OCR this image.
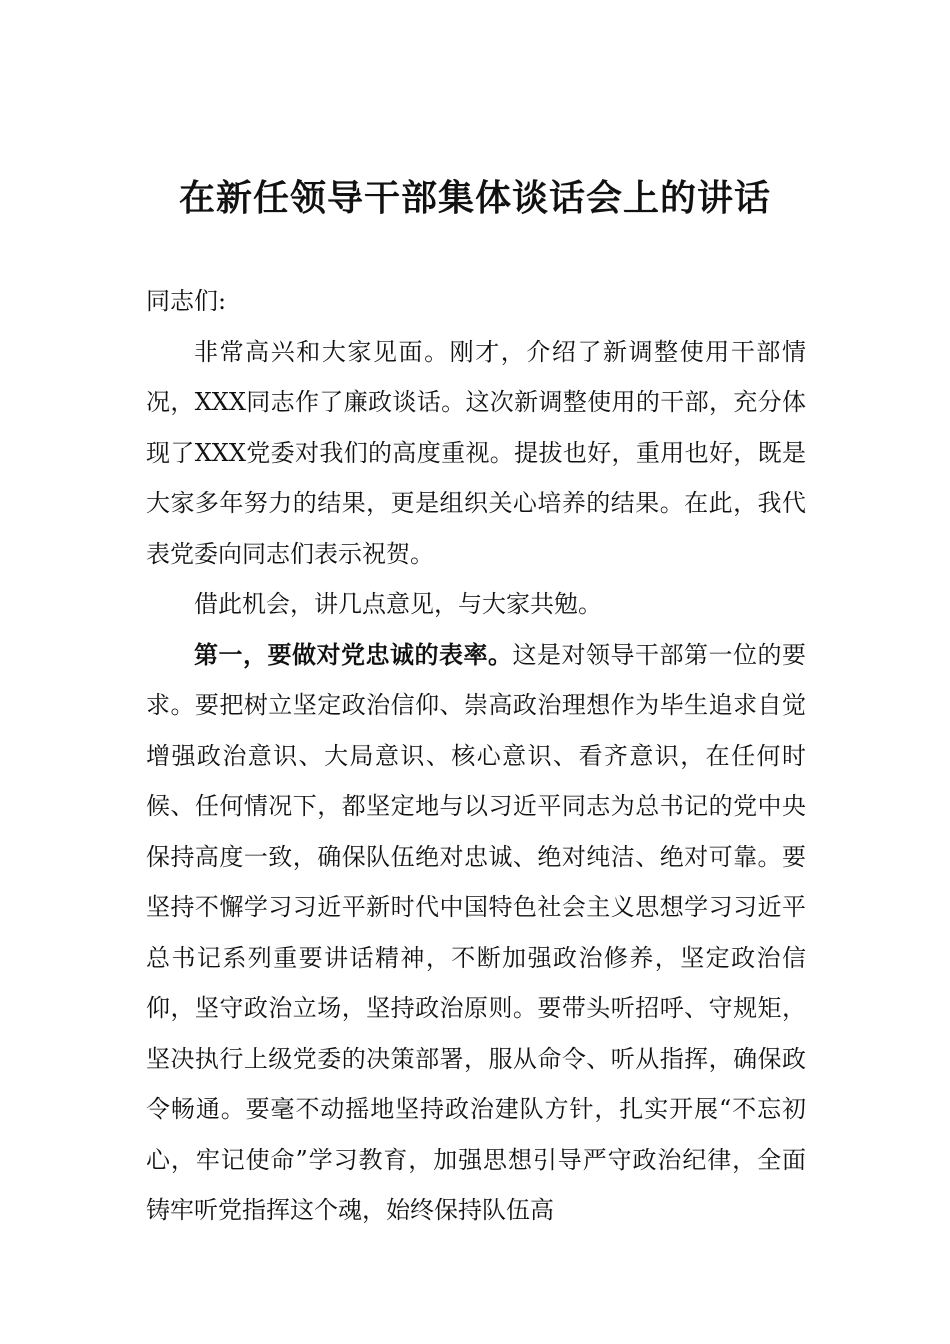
在新任领导干部集体谈话会上的讲话

同志们:

非常高兴和大家见面。刚才，介绍了新调整使用干部情况，XXX同志作了廉政谈话。这次新调整使用的干部，充分体现了XXX党委对我们的高度重视。提拔也好，重用也好，既是大家多年努力的结果，更是组织关心培养的结果。在此，我代表党委向同志们表示祝贺。

借此机会，讲几点意见，与大家共勉。

第一，要做对党忠诚的表率。这是对领导干部第一位的要求。要把树立坚定政治信仰、崇高政治理想作为毕生追求自觉增强政治意识、大局意识、核心意识、看齐意识，在任何时候、任何情况下，都坚定地与以习近平同志为总书记的党中央保持高度一致，确保队伍绝对忠诚、绝对纯洁、绝对可靠。要坚持不懈学习习近平新时代中国特色社会主义思想学习习近平总书记系列重要讲话精神，不断加强政治修养，坚定政治信仰，坚守政治立场，坚持政治原则。要带头听招呼、守规矩，坚决执行上级党委的决策部署，服从命令、听从指挥，确保政令畅通。要毫不动摇地坚持政治建队方针，扎实开展“不忘初心，牢记使命”学习教育，加强思想引导严守政治纪律，全面铸牢听党指挥这个魂，始终保持队伍高
